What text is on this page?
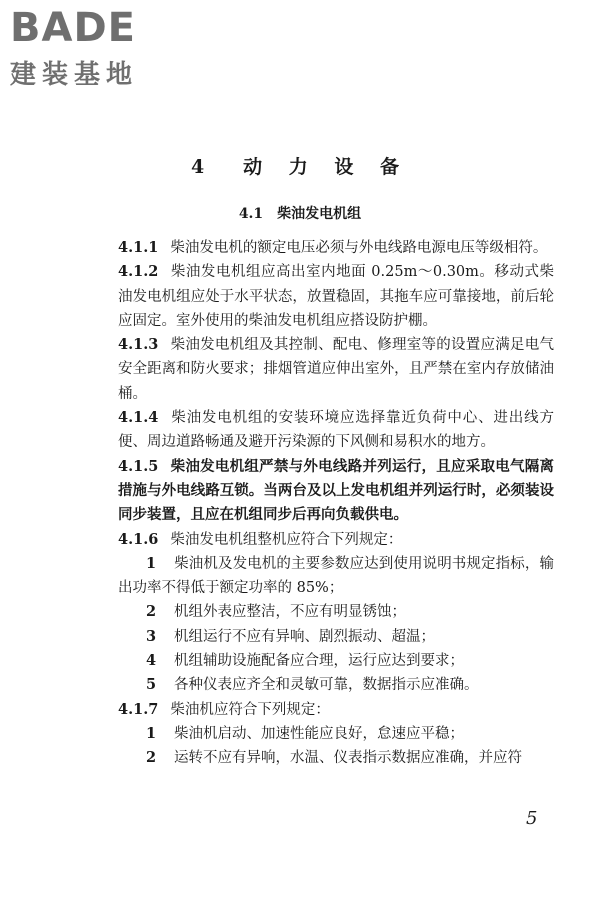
BADE
建装基地
4　动 力 设 备
4.1 柴油发电机组

4.1.1 柴油发电机的额定电压必须与外电线路电源电压等级相符。

4.1.2 柴油发电机组应高出室内地面 0.25m～0.30m。移动式柴油发电机组应处于水平状态，放置稳固，其拖车应可靠接地，前后轮应固定。室外使用的柴油发电机组应搭设防护棚。

4.1.3 柴油发电机组及其控制、配电、修理室等的设置应满足电气安全距离和防火要求；排烟管道应伸出室外，且严禁在室内存放储油桶。

4.1.4 柴油发电机组的安装环境应选择靠近负荷中心、进出线方便、周边道路畅通及避开污染源的下风侧和易积水的地方。

4.1.5 柴油发电机组严禁与外电线路并列运行，且应采取电气隔离措施与外电线路互锁。当两台及以上发电机组并列运行时，必须装设同步装置，且应在机组同步后再向负载供电。

4.1.6 柴油发电机组整机应符合下列规定：

1 柴油机及发电机的主要参数应达到使用说明书规定指标，输出功率不得低于额定功率的 85%；

2 机组外表应整洁，不应有明显锈蚀；

3 机组运行不应有异响、剧烈振动、超温；

4 机组辅助设施配备应合理，运行应达到要求；

5 各种仪表应齐全和灵敏可靠，数据指示应准确。

4.1.7 柴油机应符合下列规定：

1 柴油机启动、加速性能应良好，怠速应平稳；

2 运转不应有异响，水温、仪表指示数据应准确，并应符

5
